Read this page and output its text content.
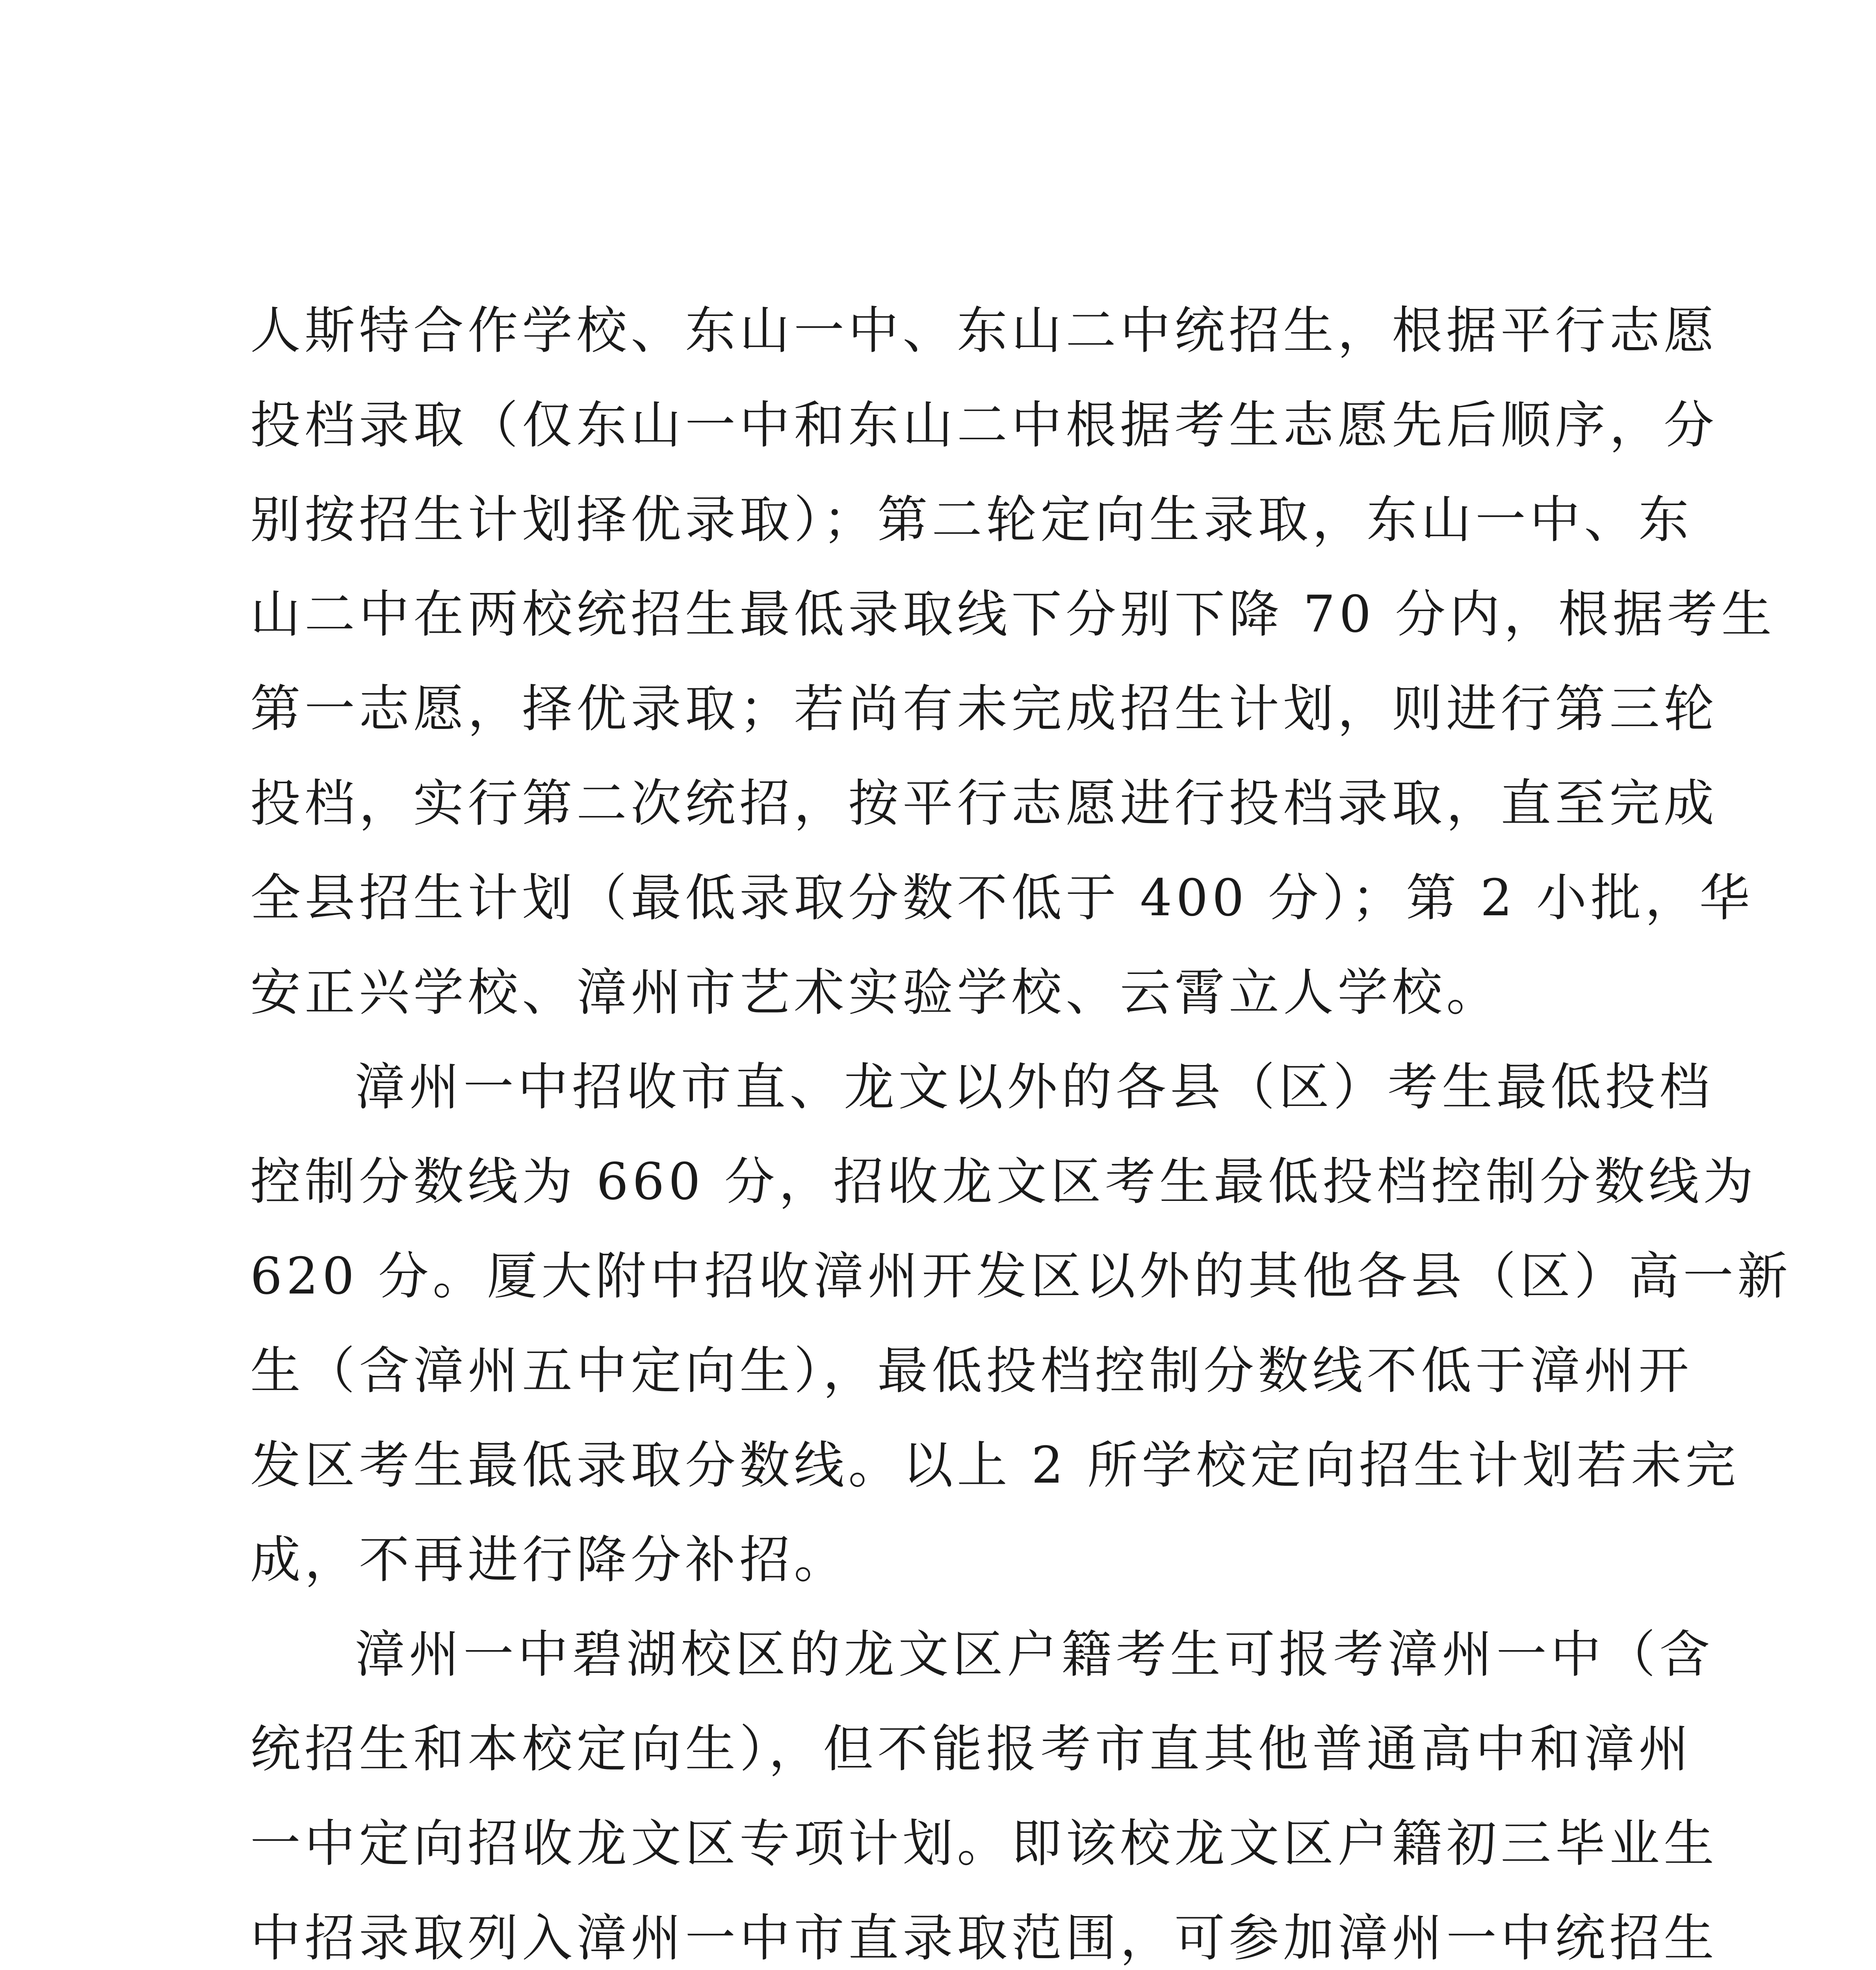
人斯特合作学校、东山一中、东山二中统招生，根据平行志愿
投档录取（仅东山一中和东山二中根据考生志愿先后顺序，分
别按招生计划择优录取）；第二轮定向生录取，东山一中、东
山二中在两校统招生最低录取线下分别下降 70 分内，根据考生
第一志愿，择优录取；若尚有未完成招生计划，则进行第三轮
投档，实行第二次统招，按平行志愿进行投档录取，直至完成
全县招生计划（最低录取分数不低于 400 分）；第 2 小批，华
安正兴学校、漳州市艺术实验学校、云霄立人学校。
漳州一中招收市直、龙文以外的各县（区）考生最低投档
控制分数线为 660 分，招收龙文区考生最低投档控制分数线为
620 分。厦大附中招收漳州开发区以外的其他各县（区）高一新
生（含漳州五中定向生），最低投档控制分数线不低于漳州开
发区考生最低录取分数线。以上 2 所学校定向招生计划若未完
成，不再进行降分补招。
漳州一中碧湖校区的龙文区户籍考生可报考漳州一中（含
统招生和本校定向生），但不能报考市直其他普通高中和漳州
一中定向招收龙文区专项计划。即该校龙文区户籍初三毕业生
中招录取列入漳州一中市直录取范围，可参加漳州一中统招生
